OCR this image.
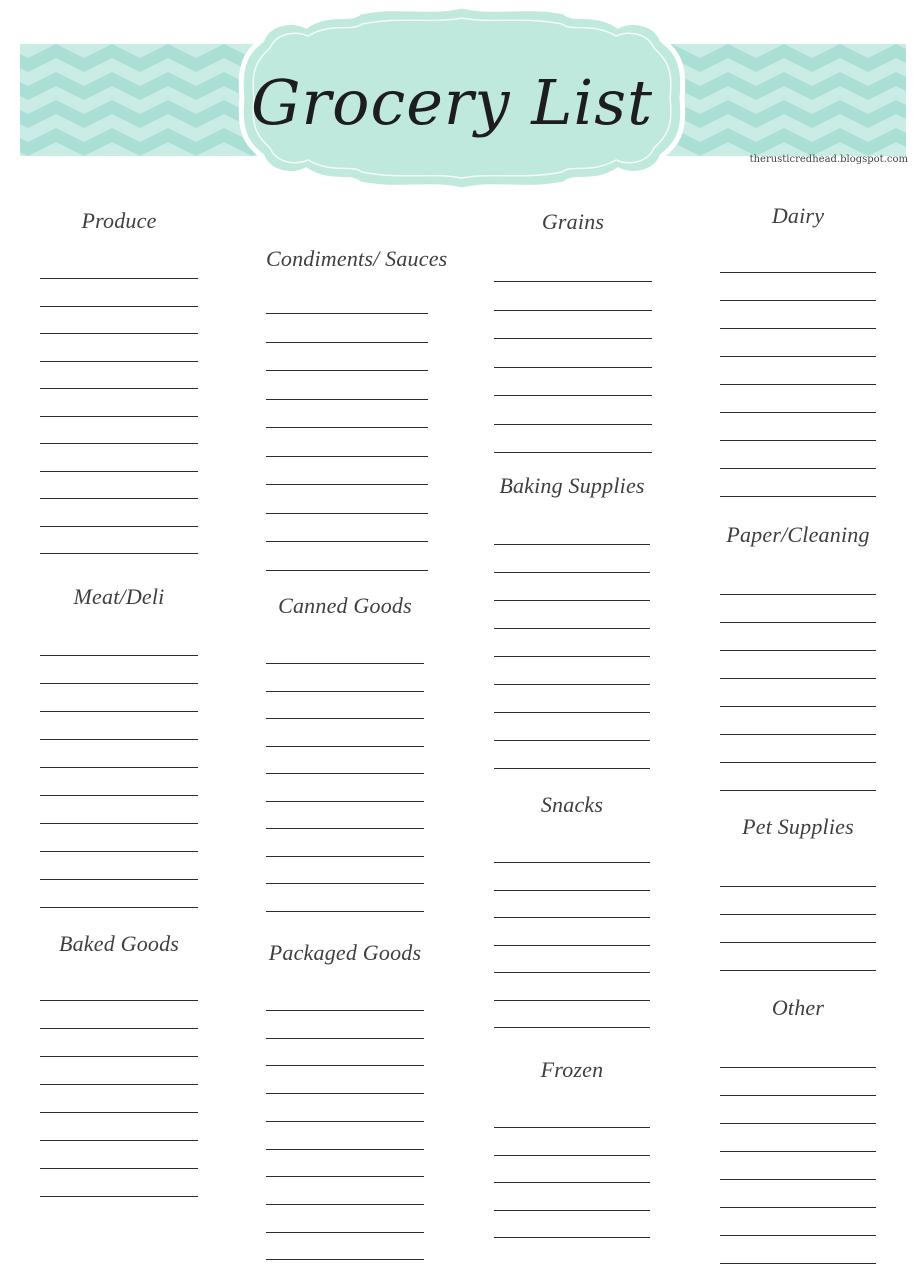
Grocery List
therusticredhead.blogspot.com
Produce
Meat/Deli
Baked Goods
Condiments/ Sauces
Canned Goods
Packaged Goods
Grains
Baking Supplies
Snacks
Frozen
Dairy
Paper/Cleaning
Pet Supplies
Other
